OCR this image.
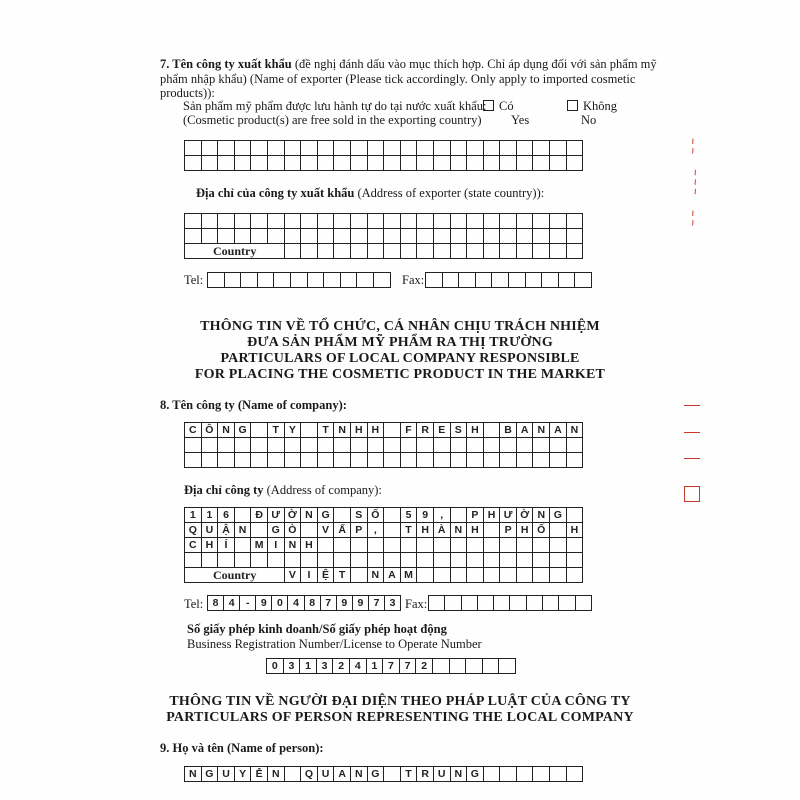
7. Tên công ty xuất khẩu (đề nghị đánh dấu vào mục thích hợp. Chỉ áp dụng đối với sản phẩm mỹ
phẩm nhập khẩu) (Name of exporter (Please tick accordingly. Only apply to imported cosmetic
products)):
Sản phẩm mỹ phẩm được lưu hành tự do tại nước xuất khẩu:	Có	Không
(Cosmetic product(s) are free sold in the exporting country) Yes	No
Địa chỉ của công ty xuất khẩu (Address of exporter (state country)):
Country
Tel:	Fax:
THÔNG TIN VỀ TỔ CHỨC, CÁ NHÂN CHỊU TRÁCH NHIỆM
ĐƯA SẢN PHẨM MỸ PHẨM RA THỊ TRƯỜNG
PARTICULARS OF LOCAL COMPANY RESPONSIBLE
FOR PLACING THE COSMETIC PRODUCT IN THE MARKET
8. Tên công ty (Name of company):
C Ô N G	T Y	T N H H	F R E S H	B A N A N
Địa chỉ công ty (Address of company):
1	1	6	Đ Ư Ờ N G	S Ố	5	9	,	P H Ư Ờ N G
Q U Ậ N	G Ò	V Ấ P	,	T H À N H	P H Ố	H
C H	Í	M	I	N H
Country	V	I	Ệ T	N A M
Tel: 8 4	-	9 0 4 8 7 9 9 7 3 Fax:
Số giấy phép kinh doanh/Số giấy phép hoạt động
Business Registration Number/License to Operate Number
0	3	1	3	2	4	1	7	7	2
THÔNG TIN VỀ NGƯỜI ĐẠI DIỆN THEO PHÁP LUẬT CỦA CÔNG TY
PARTICULARS OF PERSON REPRESENTING THE LOCAL COMPANY
9. Họ và tên (Name of person):
N G U Y Ễ N	Q U A N G	T R U N G
~ ~
~ ~ ~
~ ~
